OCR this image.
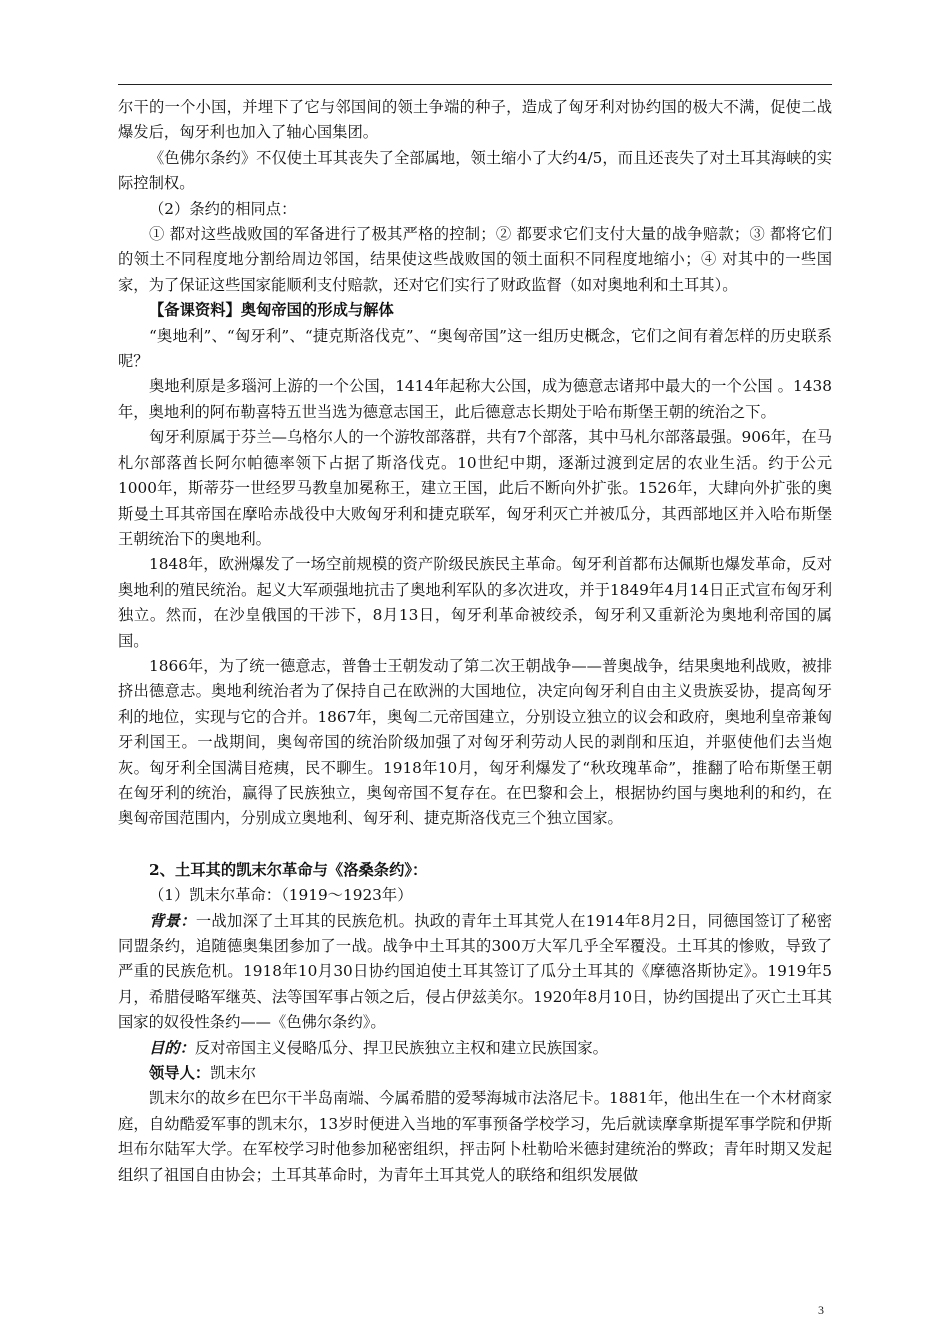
尔干的一个小国，并埋下了它与邻国间的领土争端的种子，造成了匈牙利对协约国的极大不满，促使二战爆发后，匈牙利也加入了轴心国集团。

《色佛尔条约》不仅使土耳其丧失了全部属地，领土缩小了大约4/5，而且还丧失了对土耳其海峡的实际控制权。

（2）条约的相同点：

① 都对这些战败国的军备进行了极其严格的控制；② 都要求它们支付大量的战争赔款；③ 都将它们的领土不同程度地分割给周边邻国，结果使这些战败国的领土面积不同程度地缩小；④ 对其中的一些国家，为了保证这些国家能顺利支付赔款，还对它们实行了财政监督（如对奥地利和土耳其）。

【备课资料】奥匈帝国的形成与解体

“奥地利”、“匈牙利”、“捷克斯洛伐克”、“奥匈帝国”这一组历史概念，它们之间有着怎样的历史联系呢？

奥地利原是多瑙河上游的一个公国，1414年起称大公国，成为德意志诸邦中最大的一个公国 。1438年，奥地利的阿布勒喜特五世当选为德意志国王，此后德意志长期处于哈布斯堡王朝的统治之下。

匈牙利原属于芬兰—乌格尔人的一个游牧部落群，共有7个部落，其中马札尔部落最强。906年，在马札尔部落酋长阿尔帕德率领下占据了斯洛伐克。10世纪中期，逐渐过渡到定居的农业生活。约于公元1000年，斯蒂芬一世经罗马教皇加冕称王，建立王国，此后不断向外扩张。1526年，大肆向外扩张的奥斯曼土耳其帝国在摩哈赤战役中大败匈牙利和捷克联军，匈牙利灭亡并被瓜分，其西部地区并入哈布斯堡王朝统治下的奥地利。

1848年，欧洲爆发了一场空前规模的资产阶级民族民主革命。匈牙利首都布达佩斯也爆发革命，反对奥地利的殖民统治。起义大军顽强地抗击了奥地利军队的多次进攻，并于1849年4月14日正式宣布匈牙利独立。然而，在沙皇俄国的干涉下，8月13日，匈牙利革命被绞杀，匈牙利又重新沦为奥地利帝国的属国。

1866年，为了统一德意志，普鲁士王朝发动了第二次王朝战争——普奥战争，结果奥地利战败，被排挤出德意志。奥地利统治者为了保持自己在欧洲的大国地位，决定向匈牙利自由主义贵族妥协，提高匈牙利的地位，实现与它的合并。1867年，奥匈二元帝国建立，分别设立独立的议会和政府，奥地利皇帝兼匈牙利国王。一战期间，奥匈帝国的统治阶级加强了对匈牙利劳动人民的剥削和压迫，并驱使他们去当炮灰。匈牙利全国满目疮痍，民不聊生。1918年10月，匈牙利爆发了“秋玫瑰革命”，推翻了哈布斯堡王朝在匈牙利的统治，赢得了民族独立，奥匈帝国不复存在。在巴黎和会上，根据协约国与奥地利的和约，在奥匈帝国范围内，分别成立奥地利、匈牙利、捷克斯洛伐克三个独立国家。

2、土耳其的凯末尔革命与《洛桑条约》：

（1）凯末尔革命：（1919～1923年）

背景：一战加深了土耳其的民族危机。执政的青年土耳其党人在1914年8月2日，同德国签订了秘密同盟条约，追随德奥集团参加了一战。战争中土耳其的300万大军几乎全军覆没。土耳其的惨败，导致了严重的民族危机。1918年10月30日协约国迫使土耳其签订了瓜分土耳其的《摩德洛斯协定》。1919年5月，希腊侵略军继英、法等国军事占领之后，侵占伊兹美尔。1920年8月10日，协约国提出了灭亡土耳其国家的奴役性条约——《色佛尔条约》。

目的：反对帝国主义侵略瓜分、捍卫民族独立主权和建立民族国家。

领导人：凯末尔

凯末尔的故乡在巴尔干半岛南端、今属希腊的爱琴海城市法洛尼卡。1881年，他出生在一个木材商家庭，自幼酷爱军事的凯末尔，13岁时便进入当地的军事预备学校学习，先后就读摩拿斯提军事学院和伊斯坦布尔陆军大学。在军校学习时他参加秘密组织，抨击阿卜杜勒哈米德封建统治的弊政；青年时期又发起组织了祖国自由协会；土耳其革命时，为青年土耳其党人的联络和组织发展做

3
